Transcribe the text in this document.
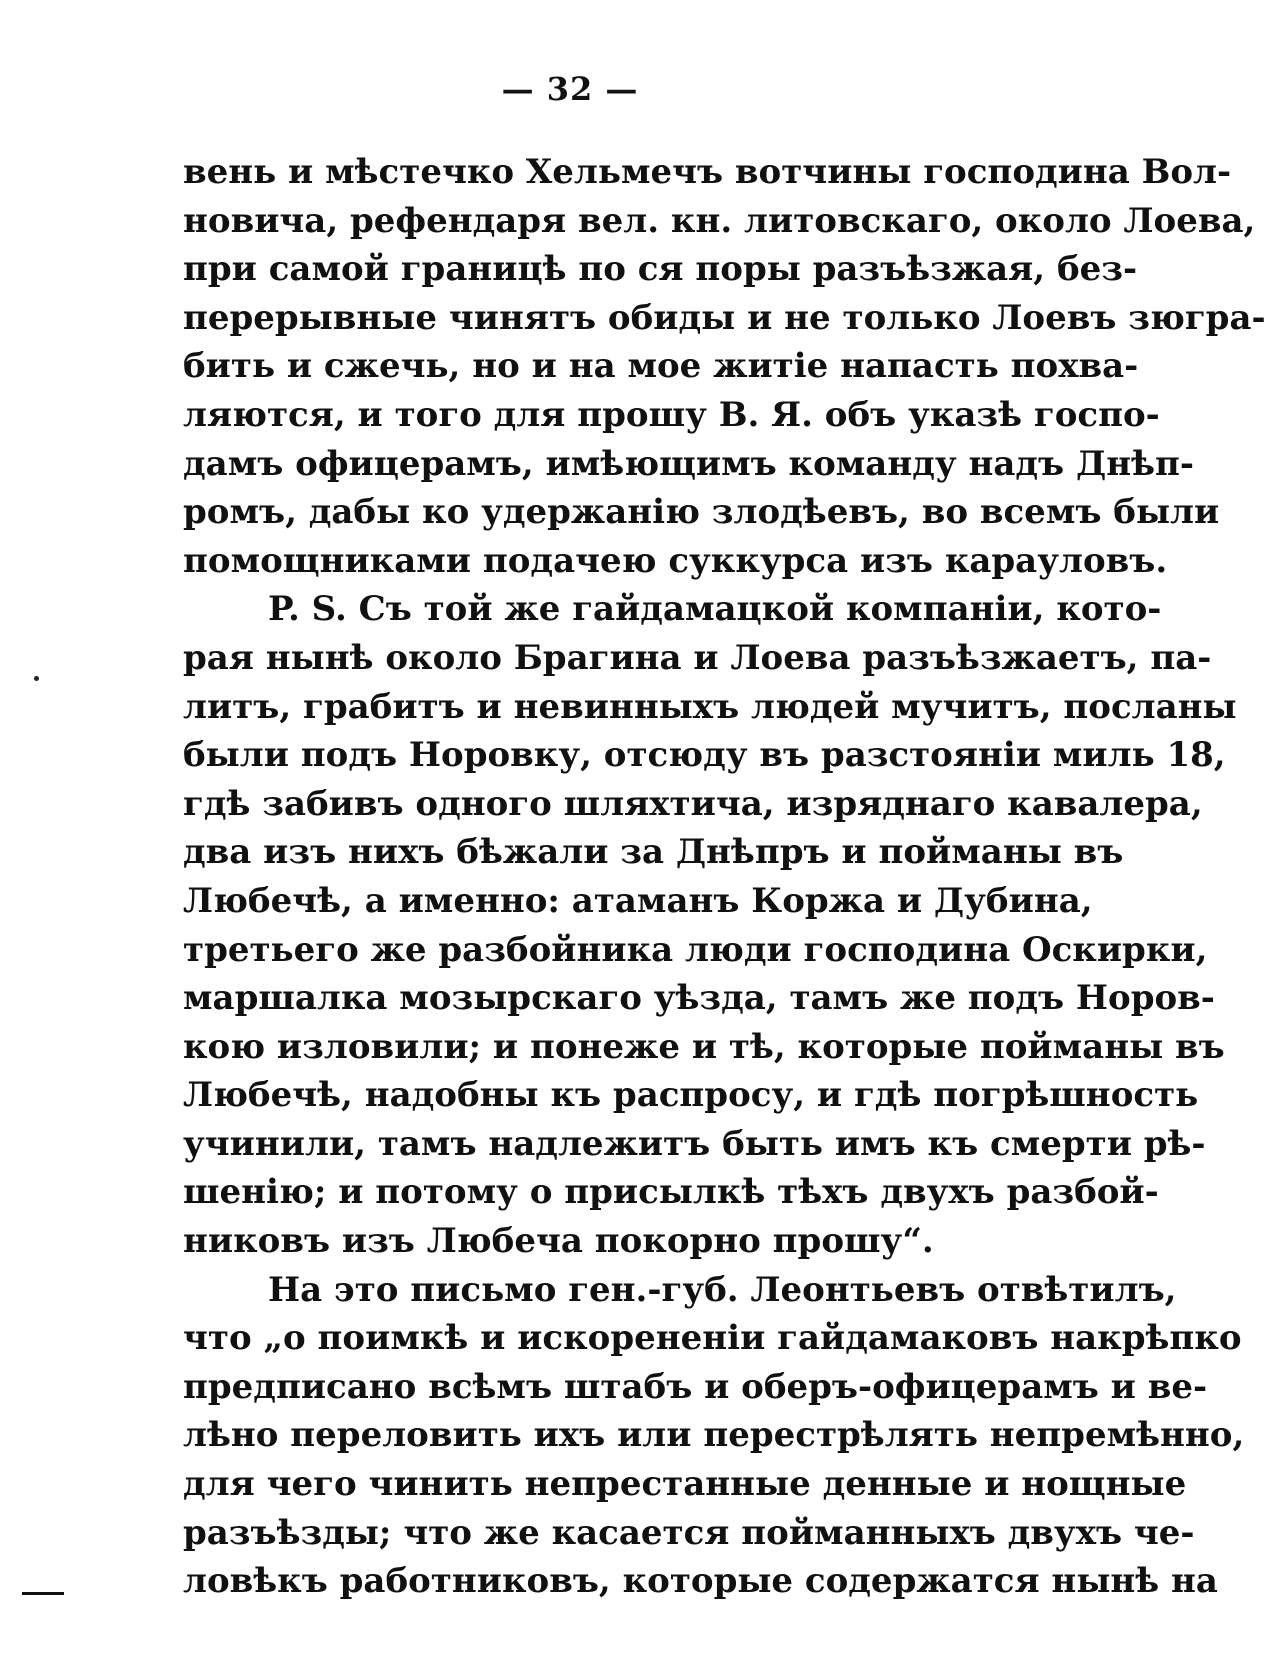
— 32 —
вень и мѣстечко Хельмечъ вотчины господина Вол-
новича, рефендаря вел. кн. литовскаго, около Лоева,
при самой границѣ по ся поры разъѣзжая, без-
перерывные чинятъ обиды и не только Лоевъ зюгра-
бить и сжечь, но и на мое житіе напасть похва-
ляются, и того для прошу В. Я. объ указѣ госпо-
дамъ офицерамъ, имѣющимъ команду надъ Днѣп-
ромъ, дабы ко удержанію злодѣевъ, во всемъ были
помощниками подачею суккурса изъ карауловъ.
P. S. Съ той же гайдамацкой компаніи, кото-
рая нынѣ около Брагина и Лоева разъѣзжаетъ, па-
литъ, грабитъ и невинныхъ людей мучитъ, посланы
были подъ Норовку, отсюду въ разстояніи миль 18,
гдѣ забивъ одного шляхтича, изряднаго кавалера,
два изъ нихъ бѣжали за Днѣпръ и пойманы въ
Любечѣ, а именно: атаманъ Коржа и Дубина,
третьего же разбойника люди господина Оскирки,
маршалка мозырскаго уѣзда, тамъ же подъ Норов-
кою изловили; и понеже и тѣ, которые пойманы въ
Любечѣ, надобны къ распросу, и гдѣ погрѣшность
учинили, тамъ надлежитъ быть имъ къ смерти рѣ-
шенію; и потому о присылкѣ тѣхъ двухъ разбой-
никовъ изъ Любеча покорно прошу“.
На это письмо ген.-губ. Леонтьевъ отвѣтилъ,
что „о поимкѣ и искорененіи гайдамаковъ накрѣпко
предписано всѣмъ штабъ и оберъ-офицерамъ и ве-
лѣно переловить ихъ или перестрѣлять непремѣнно,
для чего чинить непрестанные денные и нощные
разъѣзды; что же касается пойманныхъ двухъ че-
ловѣкъ работниковъ, которые содержатся нынѣ на
